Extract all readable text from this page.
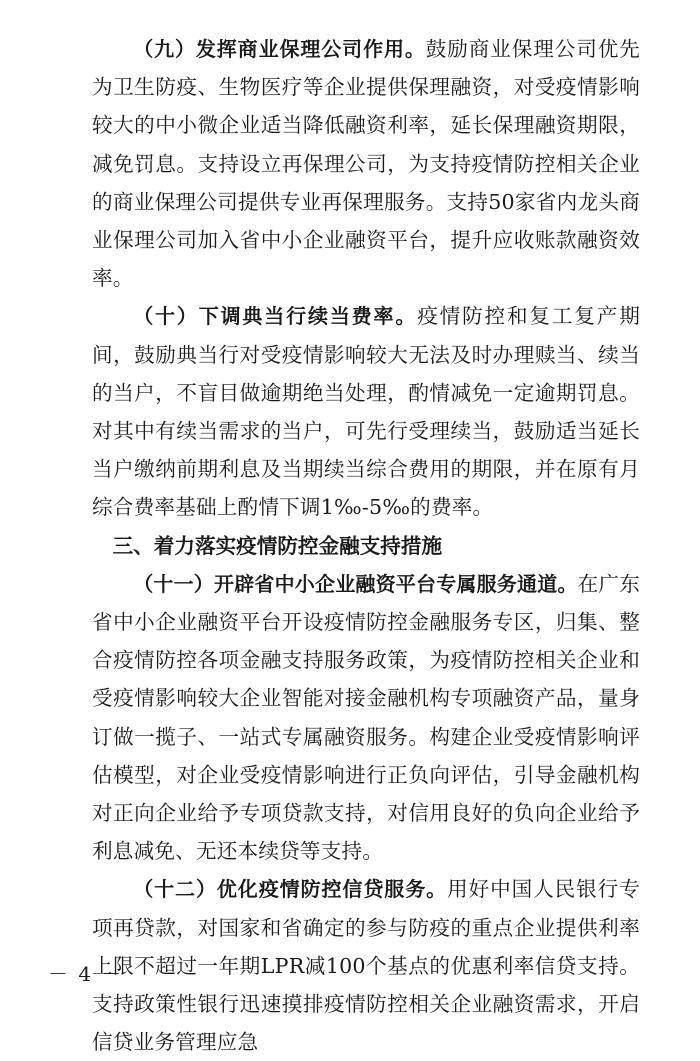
（九）发挥商业保理公司作用。鼓励商业保理公司优先为卫生防疫、生物医疗等企业提供保理融资，对受疫情影响较大的中小微企业适当降低融资利率，延长保理融资期限，减免罚息。支持设立再保理公司，为支持疫情防控相关企业的商业保理公司提供专业再保理服务。支持50家省内龙头商业保理公司加入省中小企业融资平台，提升应收账款融资效率。

（十）下调典当行续当费率。疫情防控和复工复产期间，鼓励典当行对受疫情影响较大无法及时办理赎当、续当的当户，不盲目做逾期绝当处理，酌情减免一定逾期罚息。对其中有续当需求的当户，可先行受理续当，鼓励适当延长当户缴纳前期利息及当期续当综合费用的期限，并在原有月综合费率基础上酌情下调1‰-5‰的费率。

三、着力落实疫情防控金融支持措施

（十一）开辟省中小企业融资平台专属服务通道。在广东省中小企业融资平台开设疫情防控金融服务专区，归集、整合疫情防控各项金融支持服务政策，为疫情防控相关企业和受疫情影响较大企业智能对接金融机构专项融资产品，量身订做一揽子、一站式专属融资服务。构建企业受疫情影响评估模型，对企业受疫情影响进行正负向评估，引导金融机构对正向企业给予专项贷款支持，对信用良好的负向企业给予利息减免、无还本续贷等支持。

（十二）优化疫情防控信贷服务。用好中国人民银行专项再贷款，对国家和省确定的参与防疫的重点企业提供利率上限不超过一年期LPR减100个基点的优惠利率信贷支持。支持政策性银行迅速摸排疫情防控相关企业融资需求，开启信贷业务管理应急

－ 4 －
